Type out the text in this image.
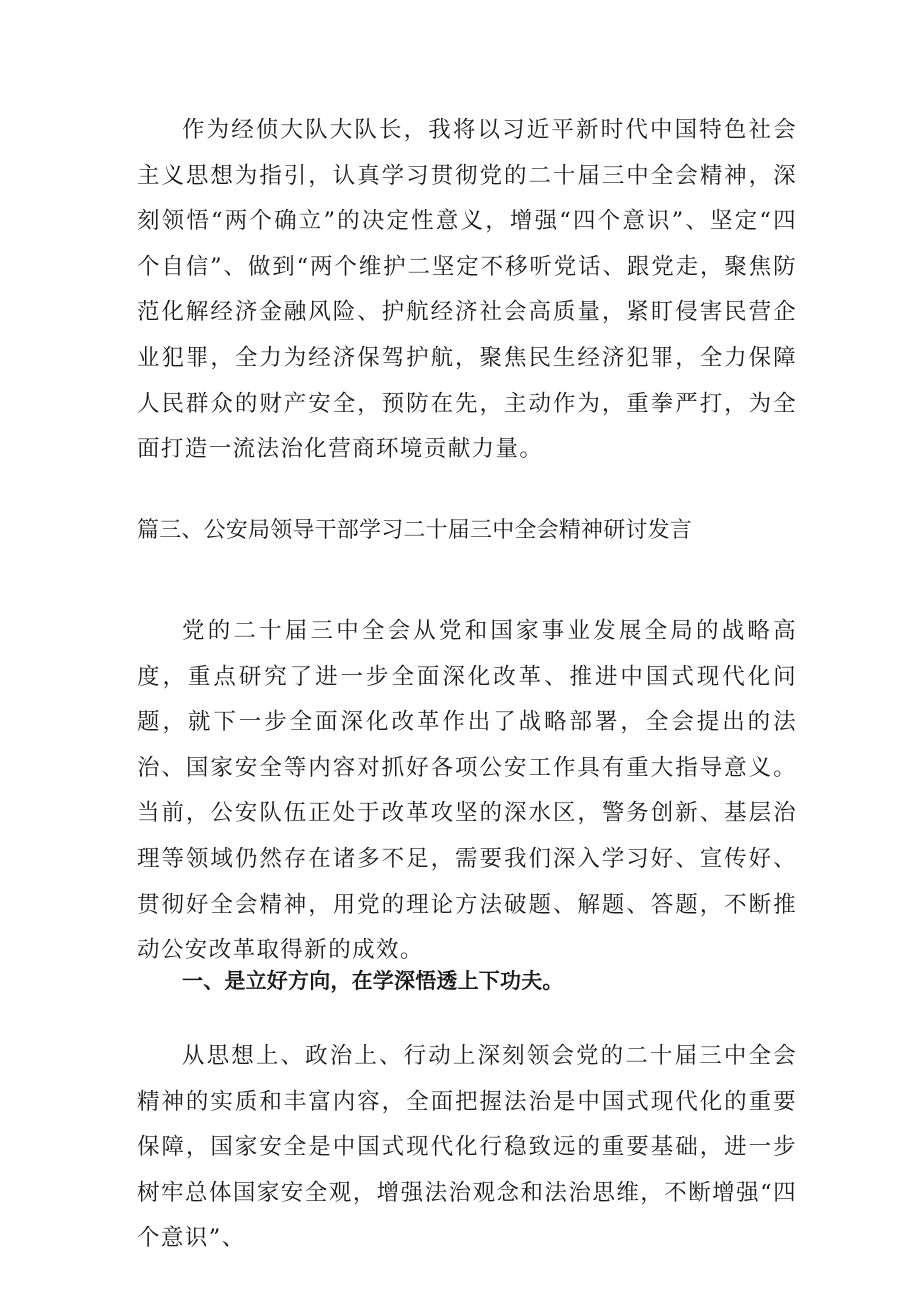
作为经侦大队大队长，我将以习近平新时代中国特色社会主义思想为指引，认真学习贯彻党的二十届三中全会精神，深刻领悟“两个确立”的决定性意义，增强“四个意识”、坚定“四个自信”、做到“两个维护二坚定不移听党话、跟党走，聚焦防范化解经济金融风险、护航经济社会高质量，紧盯侵害民营企业犯罪，全力为经济保驾护航，聚焦民生经济犯罪，全力保障人民群众的财产安全，预防在先，主动作为，重拳严打，为全面打造一流法治化营商环境贡献力量。

篇三、公安局领导干部学习二十届三中全会精神研讨发言

党的二十届三中全会从党和国家事业发展全局的战略高度，重点研究了进一步全面深化改革、推进中国式现代化问题，就下一步全面深化改革作出了战略部署，全会提出的法治、国家安全等内容对抓好各项公安工作具有重大指导意义。当前，公安队伍正处于改革攻坚的深水区，警务创新、基层治理等领域仍然存在诸多不足，需要我们深入学习好、宣传好、贯彻好全会精神，用党的理论方法破题、解题、答题，不断推动公安改革取得新的成效。

一、是立好方向，在学深悟透上下功夫。

从思想上、政治上、行动上深刻领会党的二十届三中全会精神的实质和丰富内容，全面把握法治是中国式现代化的重要保障，国家安全是中国式现代化行稳致远的重要基础，进一步树牢总体国家安全观，增强法治观念和法治思维，不断增强“四个意识”、
